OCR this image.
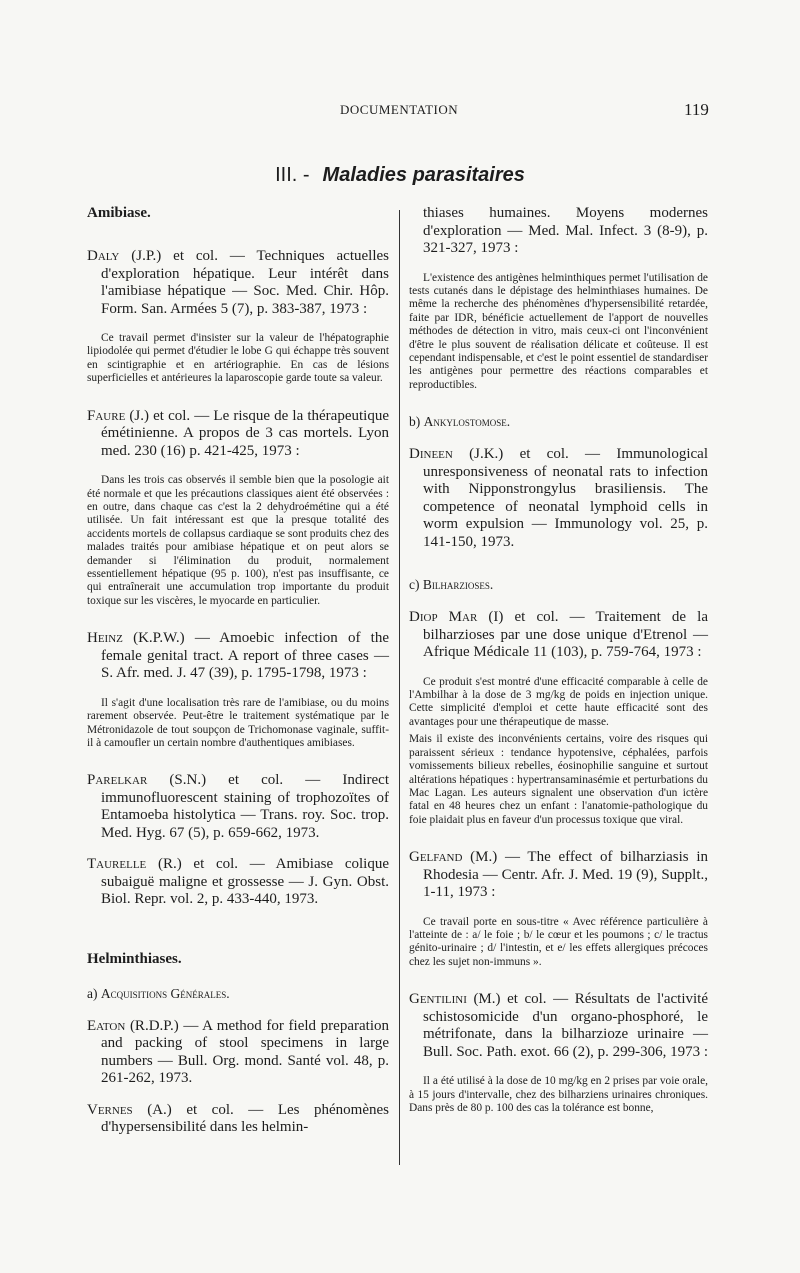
DOCUMENTATION	119
III. - Maladies parasitaires
Amibiase.

Daly (J.P.) et col. — Techniques actuelles d'exploration hépatique. Leur intérêt dans l'amibiase hépatique — Soc. Med. Chir. Hôp. Form. San. Armées 5 (7), p. 383-387, 1973 :

Ce travail permet d'insister sur la valeur de l'hépatographie lipiodolée qui permet d'étudier le lobe G qui échappe très souvent en scintigraphie et en artériographie. En cas de lésions superficielles et antérieures la laparoscopie garde toute sa valeur.

Faure (J.) et col. — Le risque de la thérapeutique émétinienne. A propos de 3 cas mortels. Lyon med. 230 (16) p. 421-425, 1973 :

Dans les trois cas observés il semble bien que la posologie ait été normale et que les précautions classiques aient été observées : en outre, dans chaque cas c'est la 2 dehydroémétine qui a été utilisée. Un fait intéressant est que la presque totalité des accidents mortels de collapsus cardiaque se sont produits chez des malades traités pour amibiase hépatique et on peut alors se demander si l'élimination du produit, normalement essentiellement hépatique (95 p. 100), n'est pas insuffisante, ce qui entraînerait une accumulation trop importante du produit toxique sur les viscères, le myocarde en particulier.

Heinz (K.P.W.) — Amoebic infection of the female genital tract. A report of three cases — S. Afr. med. J. 47 (39), p. 1795-1798, 1973 :

Il s'agit d'une localisation très rare de l'amibiase, ou du moins rarement observée. Peut-être le traitement systématique par le Métronidazole de tout soupçon de Trichomonase vaginale, suffit-il à camoufler un certain nombre d'authentiques amibiases.

Parelkar (S.N.) et col. — Indirect immunofluorescent staining of trophozoïtes of Entamoeba histolytica — Trans. roy. Soc. trop. Med. Hyg. 67 (5), p. 659-662, 1973.

Taurelle (R.) et col. — Amibiase colique subaiguë maligne et grossesse — J. Gyn. Obst. Biol. Repr. vol. 2, p. 433-440, 1973.

Helminthiases.

a) Acquisitions Générales.

Eaton (R.D.P.) — A method for field preparation and packing of stool specimens in large numbers — Bull. Org. mond. Santé vol. 48, p. 261-262, 1973.

Vernes (A.) et col. — Les phénomènes d'hypersensibilité dans les helmin-

thiases humaines. Moyens modernes d'exploration — Med. Mal. Infect. 3 (8-9), p. 321-327, 1973 :

L'existence des antigènes helminthiques permet l'utilisation de tests cutanés dans le dépistage des helminthiases humaines. De même la recherche des phénomènes d'hypersensibilité retardée, faite par IDR, bénéficie actuellement de l'apport de nouvelles méthodes de détection in vitro, mais ceux-ci ont l'inconvénient d'être le plus souvent de réalisation délicate et coûteuse. Il est cependant indispensable, et c'est le point essentiel de standardiser les antigènes pour permettre des réactions comparables et reproductibles.

b) Ankylostomose.

Dineen (J.K.) et col. — Immunological unresponsiveness of neonatal rats to infection with Nipponstrongylus brasiliensis. The competence of neonatal lymphoid cells in worm expulsion — Immunology vol. 25, p. 141-150, 1973.

c) Bilharzioses.

Diop Mar (I) et col. — Traitement de la bilharzioses par une dose unique d'Etrenol — Afrique Médicale 11 (103), p. 759-764, 1973 :

Ce produit s'est montré d'une efficacité comparable à celle de l'Ambilhar à la dose de 3 mg/kg de poids en injection unique. Cette simplicité d'emploi et cette haute efficacité sont des avantages pour une thérapeutique de masse.

Mais il existe des inconvénients certains, voire des risques qui paraissent sérieux : tendance hypotensive, céphalées, parfois vomissements bilieux rebelles, éosinophilie sanguine et surtout altérations hépatiques : hypertransaminasémie et perturbations du Mac Lagan. Les auteurs signalent une observation d'un ictère fatal en 48 heures chez un enfant : l'anatomie-pathologique du foie plaidait plus en faveur d'un processus toxique que viral.

Gelfand (M.) — The effect of bilharziasis in Rhodesia — Centr. Afr. J. Med. 19 (9), Supplt., 1-11, 1973 :

Ce travail porte en sous-titre « Avec référence particulière à l'atteinte de : a/ le foie ; b/ le cœur et les poumons ; c/ le tractus génito-urinaire ; d/ l'intestin, et e/ les effets allergiques précoces chez les sujet non-immuns ».

Gentilini (M.) et col. — Résultats de l'activité schistosomicide d'un organo-phosphoré, le métrifonate, dans la bilharzioze urinaire — Bull. Soc. Path. exot. 66 (2), p. 299-306, 1973 :

Il a été utilisé à la dose de 10 mg/kg en 2 prises par voie orale, à 15 jours d'intervalle, chez des bilharziens urinaires chroniques. Dans près de 80 p. 100 des cas la tolérance est bonne,
